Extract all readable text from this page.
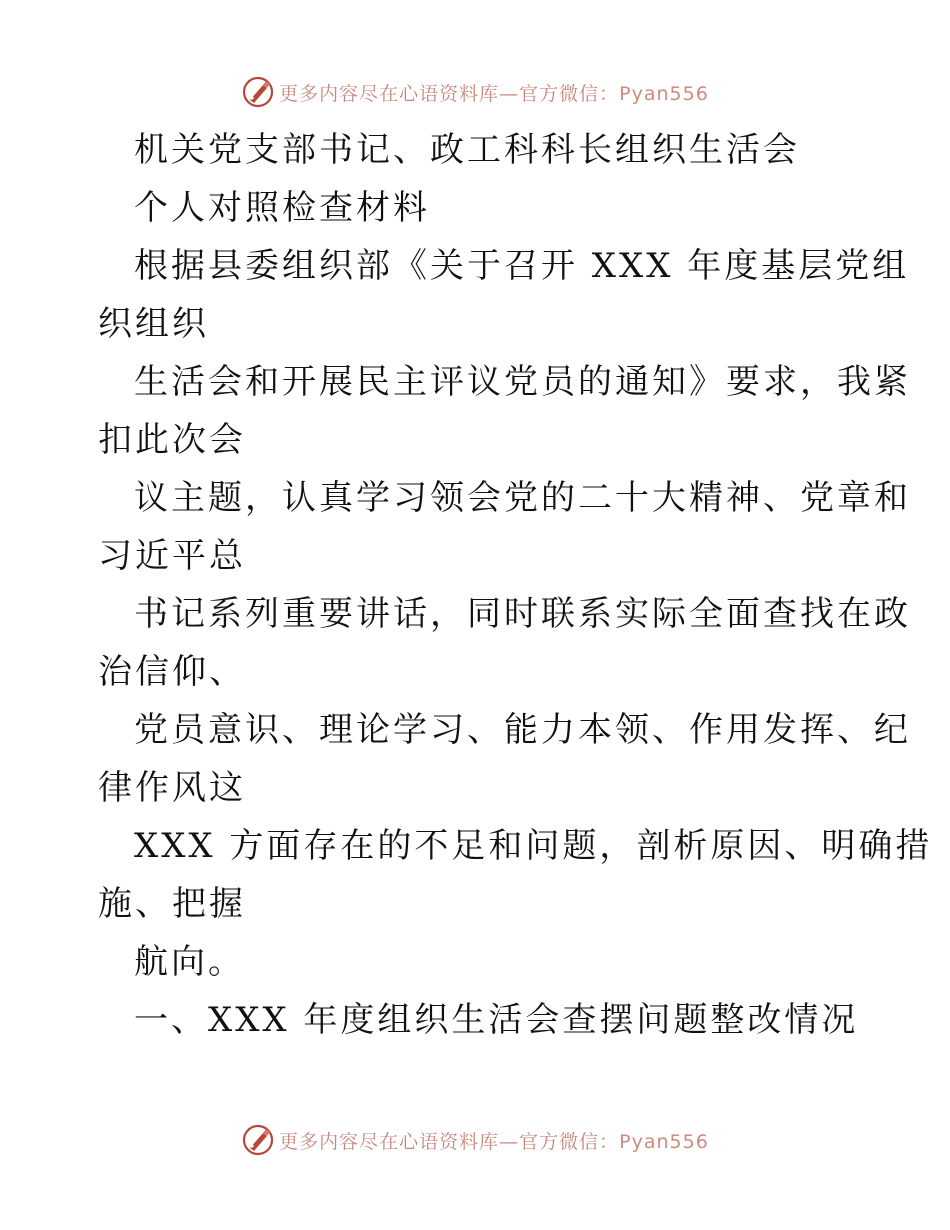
更多内容尽在心语资料库—官方微信：Pyan556
机关党支部书记、政工科科长组织生活会
个人对照检查材料
根据县委组织部《关于召开 XXX 年度基层党组
织组织
生活会和开展民主评议党员的通知》要求，我紧
扣此次会
议主题，认真学习领会党的二十大精神、党章和
习近平总
书记系列重要讲话，同时联系实际全面查找在政
治信仰、
党员意识、理论学习、能力本领、作用发挥、纪
律作风这
XXX 方面存在的不足和问题，剖析原因、明确措
施、把握
航向。
一、XXX 年度组织生活会查摆问题整改情况
更多内容尽在心语资料库—官方微信：Pyan556
